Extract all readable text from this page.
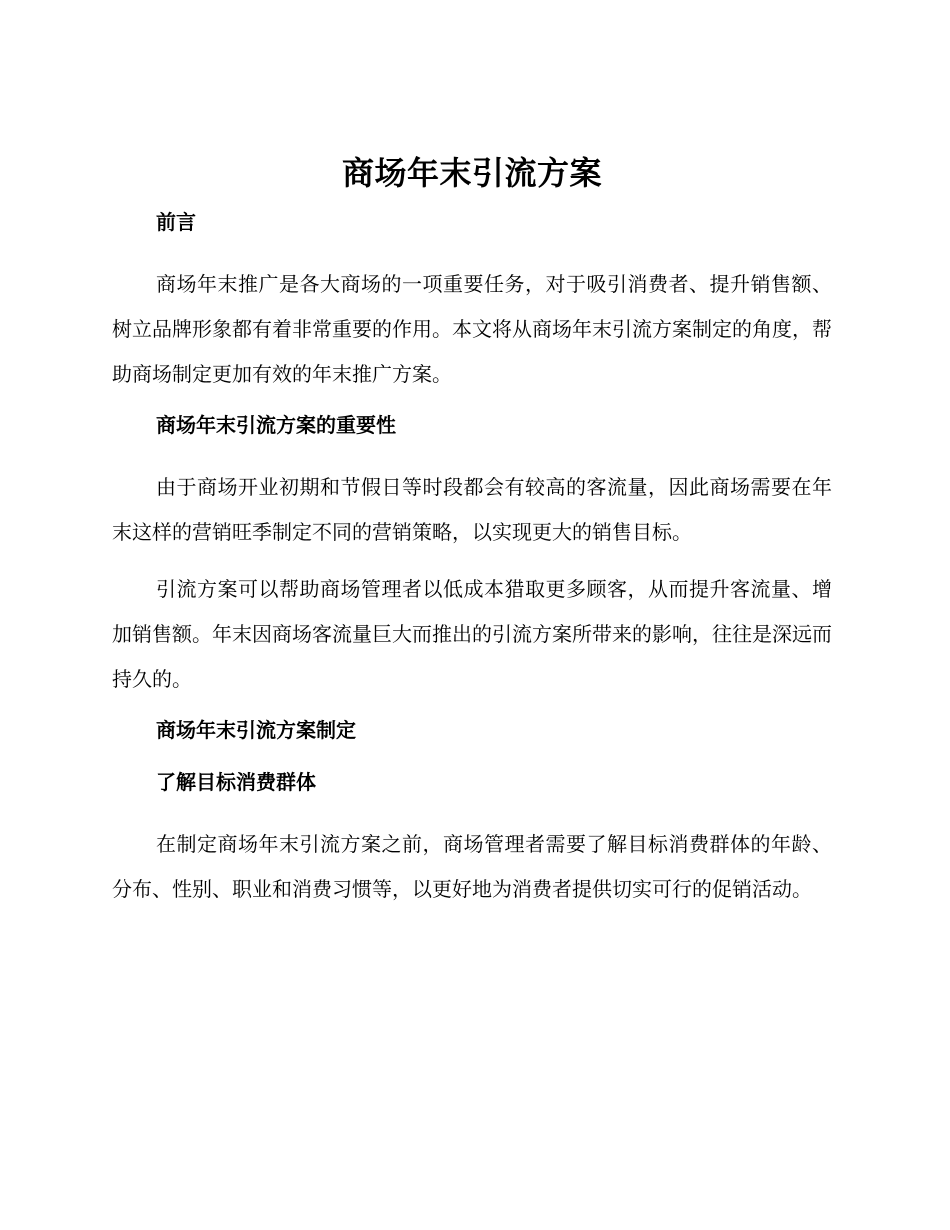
商场年末引流方案
前言

商场年末推广是各大商场的一项重要任务，对于吸引消费者、提升销售额、树立品牌形象都有着非常重要的作用。本文将从商场年末引流方案制定的角度，帮助商场制定更加有效的年末推广方案。

商场年末引流方案的重要性

由于商场开业初期和节假日等时段都会有较高的客流量，因此商场需要在年末这样的营销旺季制定不同的营销策略，以实现更大的销售目标。

引流方案可以帮助商场管理者以低成本猎取更多顾客，从而提升客流量、增加销售额。年末因商场客流量巨大而推出的引流方案所带来的影响，往往是深远而持久的。

商场年末引流方案制定
了解目标消费群体

在制定商场年末引流方案之前，商场管理者需要了解目标消费群体的年龄、分布、性别、职业和消费习惯等，以更好地为消费者提供切实可行的促销活动。
